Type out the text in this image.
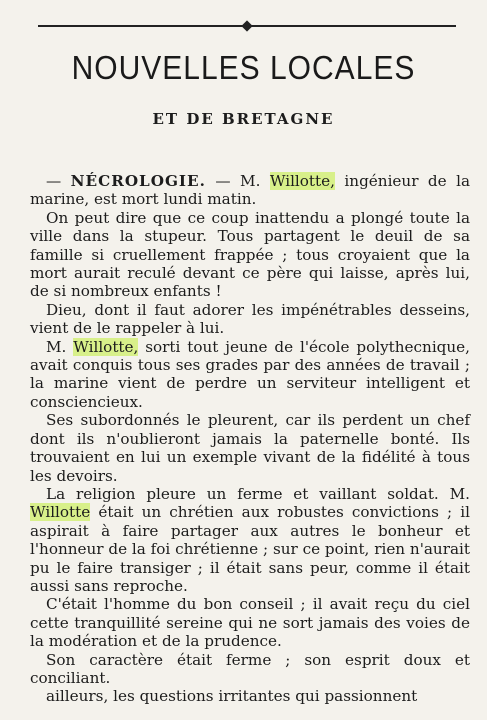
NOUVELLES LOCALES
ET DE BRETAGNE

— NÉCROLOGIE. — M. Willotte, ingénieur de la marine, est mort lundi matin.

On peut dire que ce coup inattendu a plongé toute la ville dans la stupeur. Tous partagent le deuil de sa famille si cruellement frappée ; tous croyaient que la mort aurait reculé devant ce père qui laisse, après lui, de si nombreux enfants !

Dieu, dont il faut adorer les impénétrables desseins, vient de le rappeler à lui.

M. Willotte, sorti tout jeune de l'école polythecnique, avait conquis tous ses grades par des années de travail ; la marine vient de perdre un serviteur intelligent et consciencieux.

Ses subordonnés le pleurent, car ils perdent un chef dont ils n'oublieront jamais la paternelle bonté. Ils trouvaient en lui un exemple vivant de la fidélité à tous les devoirs.

La religion pleure un ferme et vaillant soldat. M. Willotte était un chrétien aux robustes convictions ; il aspirait à faire partager aux autres le bonheur et l'honneur de la foi chrétienne ; sur ce point, rien n'aurait pu le faire transiger ; il était sans peur, comme il était aussi sans reproche.

C'était l'homme du bon conseil ; il avait reçu du ciel cette tranquillité sereine qui ne sort jamais des voies de la modération et de la prudence.

Son caractère était ferme ; son esprit doux et conciliant.

ailleurs, les questions irritantes qui passionnent
